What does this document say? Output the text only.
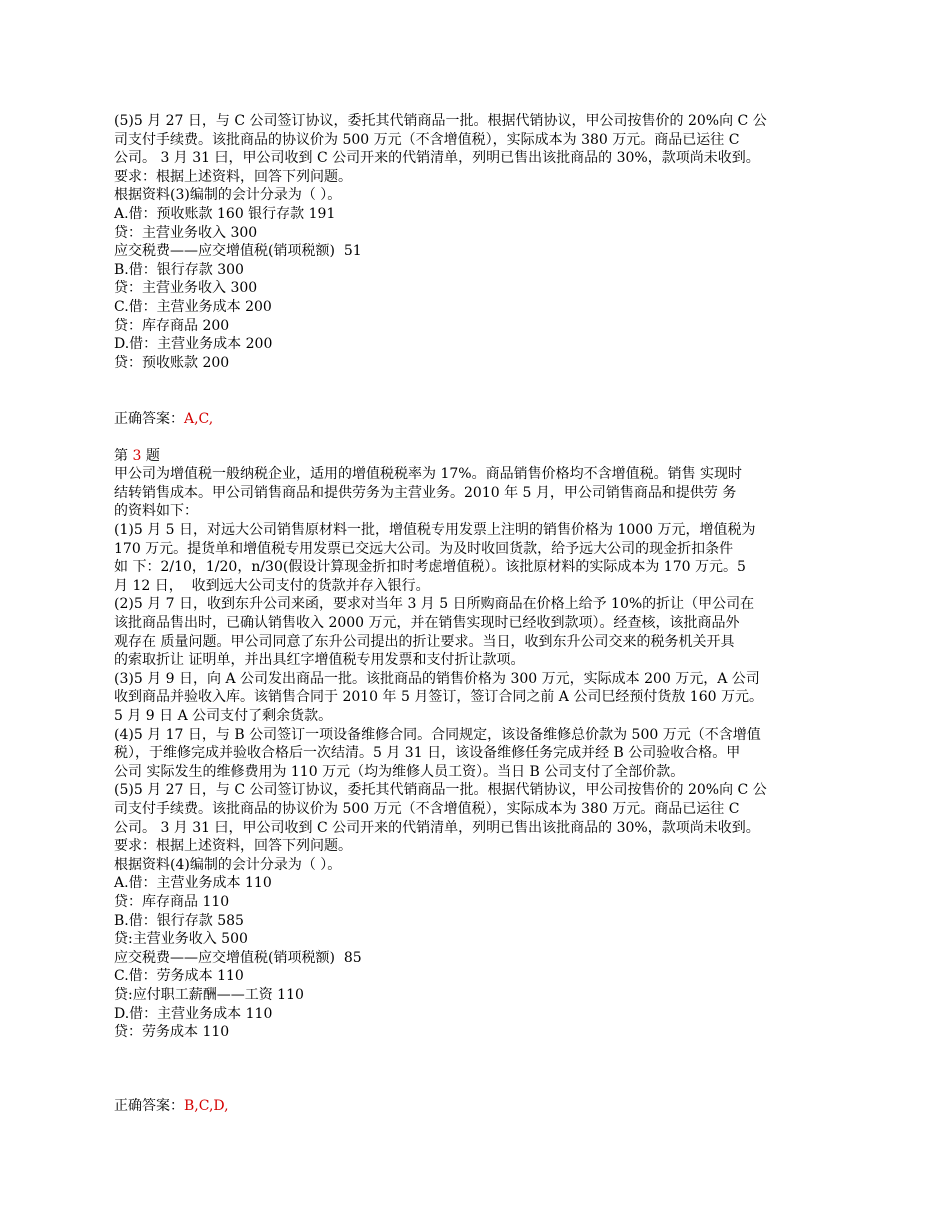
(5)5 月 27 日，与 C 公司签订协议，委托其代销商品一批。根据代销协议，甲公司按售价的 20%向 C 公
司支付手续费。该批商品的协议价为 500 万元（不含增值税），实际成本为 380 万元。商品已运往 C
公司。 3 月 31 曰，甲公司收到 C 公司开来的代销清单，列明已售出该批商品的 30%，款项尚未收到。
要求：根据上述资料，回答下列问题。
根据资料(3)编制的会计分录为（ ）。
A.借：预收账款 160 银行存款 191
贷：主营业务收入 300
应交税费——应交增值税(销项税额)  51
B.借：银行存款 300
贷：主营业务收入 300
C.借：主营业务成本 200
贷：库存商品 200
D.借：主营业务成本 200
贷：预收账款 200
正确答案：A,C,
第 3 题
甲公司为增值税一般纳税企业，适用的增值税税率为 17%。商品销售价格均不含增值税。销售 实现时
结转销售成本。甲公司销售商品和提供劳务为主营业务。2010 年 5 月，甲公司销售商品和提供劳 务
的资料如下：
(1)5 月 5 日，对远大公司销售原材料一批，增值税专用发票上注明的销售价格为 1000 万元，增值税为
170 万元。提货单和增值税专用发票已交远大公司。为及时收回货款，给予远大公司的现金折扣条件
如 下：2/10，1/20，n/30(假设计算现金折扣时考虑增值税）。该批原材料的实际成本为 170 万元。5
月 12 日，  收到远大公司支付的货款并存入银行。
(2)5 月 7 日，收到东升公司来函，要求对当年 3 月 5 日所购商品在价格上给予 10%的折让（甲公司在
该批商品售出时，已确认销售收入 2000 万元，并在销售实现时已经收到款项）。经查核，该批商品外
观存在 质量问题。甲公司同意了东升公司提出的折让要求。当日，收到东升公司交来的税务机关开具
的索取折让 证明单，并出具红字增值税专用发票和支付折让款项。
(3)5 月 9 日，向 A 公司发出商品一批。该批商品的销售价格为 300 万元，实际成本 200 万元，A 公司
收到商品并验收入库。该销售合同于 2010 年 5 月签订，签订合同之前 A 公司巳经预付货敖 160 万元。
5 月 9 日 A 公司支付了剩余货款。
(4)5 月 17 日，与 B 公司签订一项设备维修合同。合同规定，该设备维修总价款为 500 万元（不含增值
税），于维修完成并验收合格后一次结清。5 月 31 日，该设备维修任务完成并经 B 公司验收合格。甲
公司 实际发生的维修费用为 110 万元（均为维修人员工资）。当日 B 公司支付了全部价款。
(5)5 月 27 日，与 C 公司签订协议，委托其代销商品一批。根据代销协议，甲公司按售价的 20%向 C 公
司支付手续费。该批商品的协议价为 500 万元（不含增值税），实际成本为 380 万元。商品已运往 C
公司。 3 月 31 曰，甲公司收到 C 公司开来的代销清单，列明已售出该批商品的 30%，款项尚未收到。
要求：根据上述资料，回答下列问题。
根据资料(4)编制的会计分录为（ ）。
A.借：主营业务成本 110
贷：库存商品 110
B.借：银行存款 585
贷:主营业务收入 500
应交税费——应交增值税(销项税额)  85
C.借：劳务成本 110
贷:应付职工薪酬——工资 110
D.借：主营业务成本 110
贷：劳务成本 110
正确答案：B,C,D,
